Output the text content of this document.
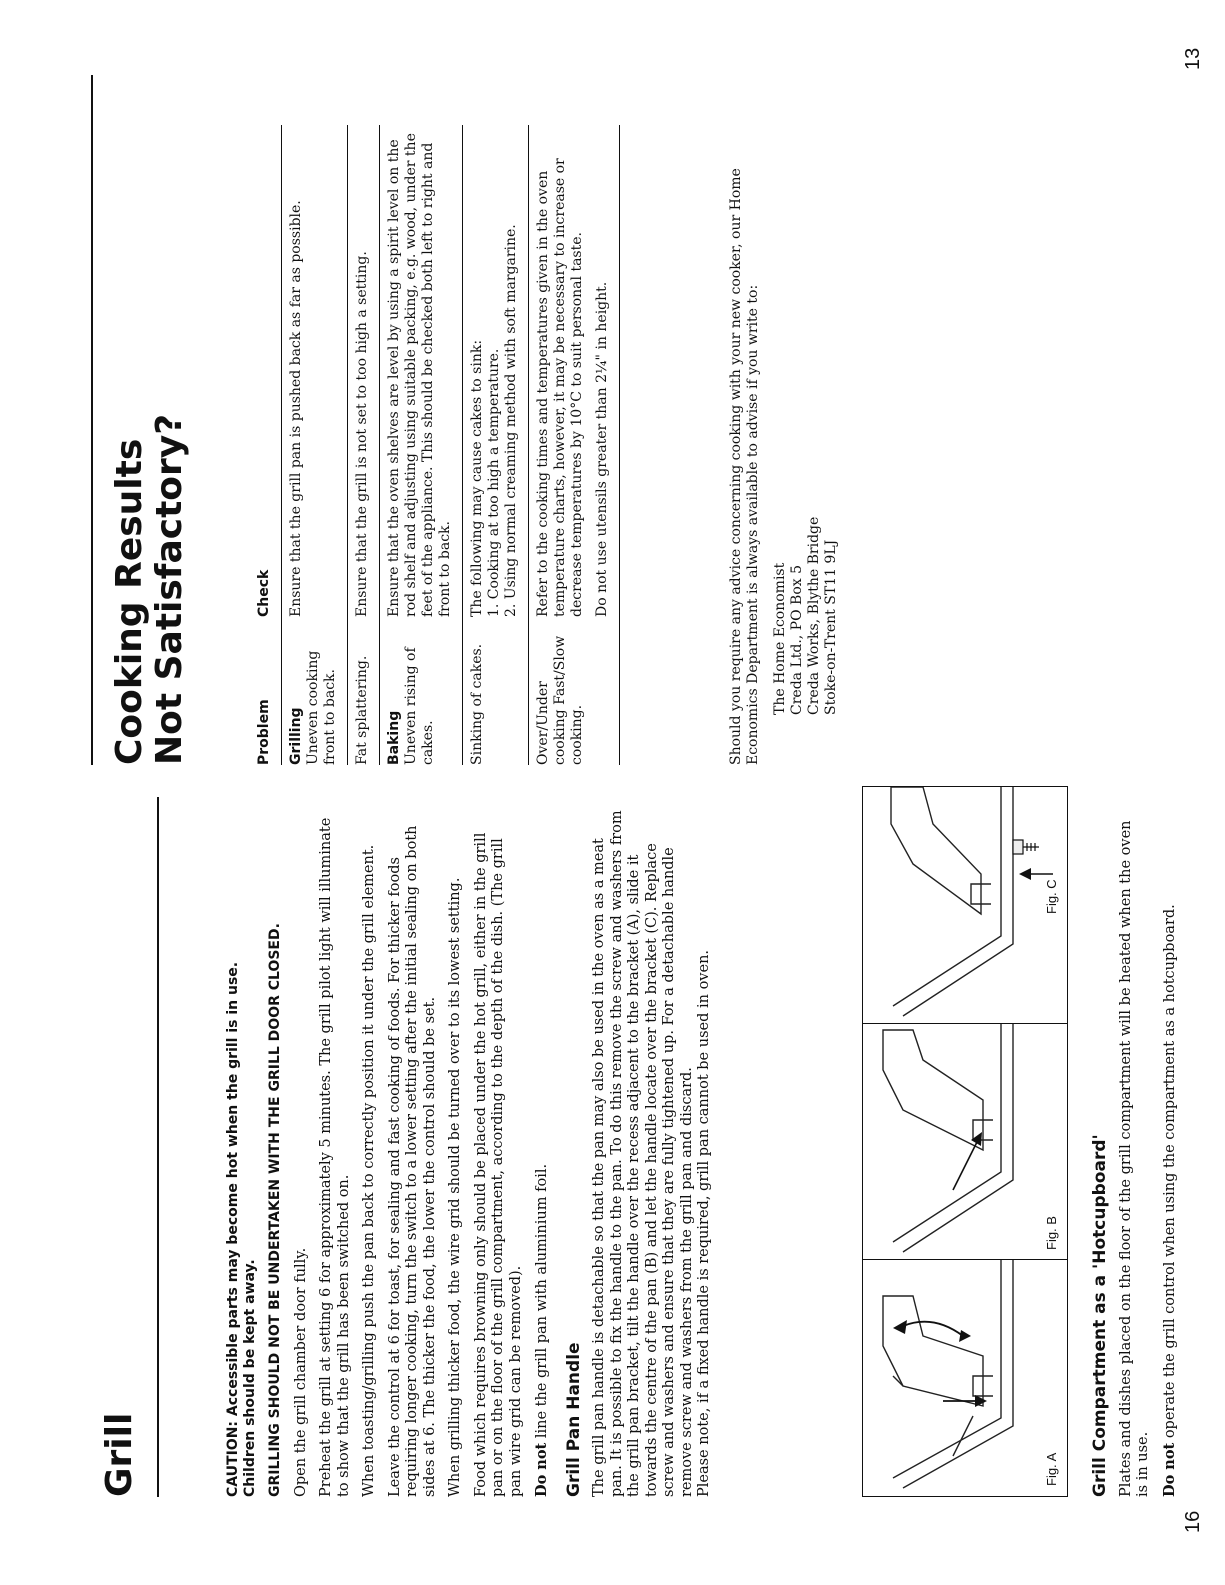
16
Grill	CAUTION: Accessible parts may become hot when the grill is in use.
Children should be kept away. GRILLING SHOULD NOT BE UNDERTAKEN WITH THE GRILL DOOR CLOSED. Open the grill chamber door fully. Preheat the grill at setting 6 for approximately 5 minutes. The grill pilot light will illuminate to show that the grill has been switched on. When toasting/grilling push the pan back to correctly position it under the grill element. Leave the control at 6 for toast, for sealing and fast cooking of foods. For thicker foods requiring longer cooking, turn the switch to a lower setting after the initial sealing on both sides at 6. The thicker the food, the lower the control should be set. When grilling thicker food, the wire grid should be turned over to its lowest setting. Food which requires browning only should be placed under the hot grill, either in the grill pan or on the floor of the grill compartment, according to the depth of the dish. (The grill pan wire grid can be removed). Do not line the grill pan with aluminium foil. Grill Pan Handle The grill pan handle is detachable so that the pan may also be used in the oven as a meat pan. It is possible to fix the handle to the pan. To do this remove the screw and washers from the grill pan bracket, tilt the handle over the recess adjacent to the bracket (A), slide it towards the centre of the pan (B) and let the handle locate over the bracket (C). Replace screw and washers and ensure that they are fully tightened up. For a detachable handle remove screw and washers from the grill pan and discard. Please note, if a fixed handle is required, grill pan cannot be used in oven.	Fig. A
Fig. B
Fig. C
Grill Compartment as a 'Hotcupboard' Plates and dishes placed on the floor of the grill compartment will be heated when the oven is in use. Do not operate the grill control when using the compartment as a hotcupboard.

13
Cooking Results
Not Satisfactory?	Problem	Check
Grilling
Uneven cooking front to back.	Ensure that the grill pan is pushed back as far as possible.
Fat splattering.	Ensure that the grill is not set to too high a setting.
Baking
Uneven rising of cakes.	Ensure that the oven shelves are level by using a spirit level on the rod shelf and adjusting using suitable packing, e.g. wood, under the feet of the appliance. This should be checked both left to right and front to back.
Sinking of cakes.	The following may cause cakes to sink: 1. Cooking at too high a temperature. 2. Using normal creaming method with soft margarine.

Over/Under cooking Fast/Slow cooking.	Refer to the cooking times and temperatures given in the oven temperature charts, however, it may be necessary to increase or decrease temperatures by 10°C to suit personal taste. Do not use utensils greater than 2¼" in height.

		Should you require any advice concerning cooking with your new cooker, our Home Economics Department is always available to advise if you write to: The Home Economist Creda Ltd., PO Box 5 Creda Works, Blythe Bridge Stoke-on-Trent ST11 9LJ
